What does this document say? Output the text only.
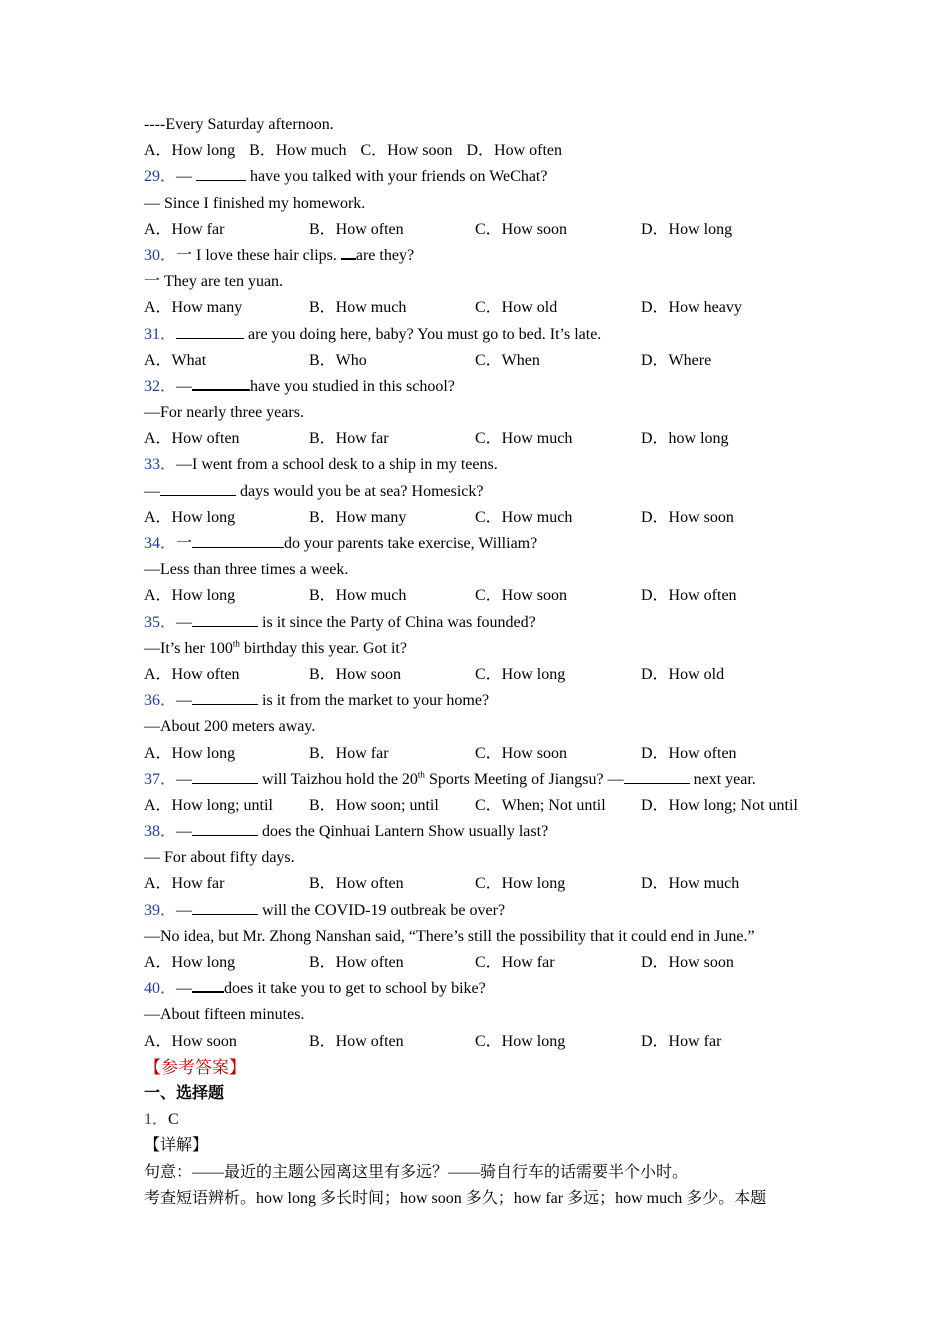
----Every Saturday afternoon.
A．How long B．How much C．How soon D．How often
29．—	have you talked with your friends on WeChat?
— Since I finished my homework.
A．How far	B．How often	C．How soon	D．How long
30．一 I love these hair clips. are they?
一 They are ten yuan.
A．How many	B．How much	C．How old	D．How heavy
31．	are you doing here, baby? You must go to bed. It’s late.
A．What	B．Who	C．When	D．Where
32．—	have you studied in this school?
—For nearly three years.
A．How often	B．How far	C．How much	D．how long
33．—I went from a school desk to a ship in my teens.
—	days would you be at sea? Homesick?
A．How long	B．How many	C．How much	D．How soon
34．一	do your parents take exercise, William?
—Less than three times a week.
A．How long	B．How much	C．How soon	D．How often
35．—	is it since the Party of China was founded?
—It’s her 100th birthday this year. Got it?
A．How often	B．How soon	C．How long	D．How old
36．—	is it from the market to your home?
—About 200 meters away.
A．How long	B．How far	C．How soon	D．How often
37．—	will Taizhou hold the 20th Sports Meeting of Jiangsu? —	next year.
A．How long; until B．How soon; until C．When; Not until D．How long; Not until
38．—	does the Qinhuai Lantern Show usually last?
— For about fifty days.
A．How far	B．How often	C．How long	D．How much
39．—	will the COVID-19 outbreak be over?
—No idea, but Mr. Zhong Nanshan said, “There’s still the possibility that it could end in June.”
A．How long	B．How often	C．How far	D．How soon
40．— does it take you to get to school by bike?
—About fifteen minutes.
A．How soon	B．How often	C．How long	D．How far
【参考答案】
一、选择题
1．C
【详解】
句意：——最近的主题公园离这里有多远？——骑自行车的话需要半个小时。
考查短语辨析。how long 多长时间；how soon 多久；how far 多远；how much 多少。本题
